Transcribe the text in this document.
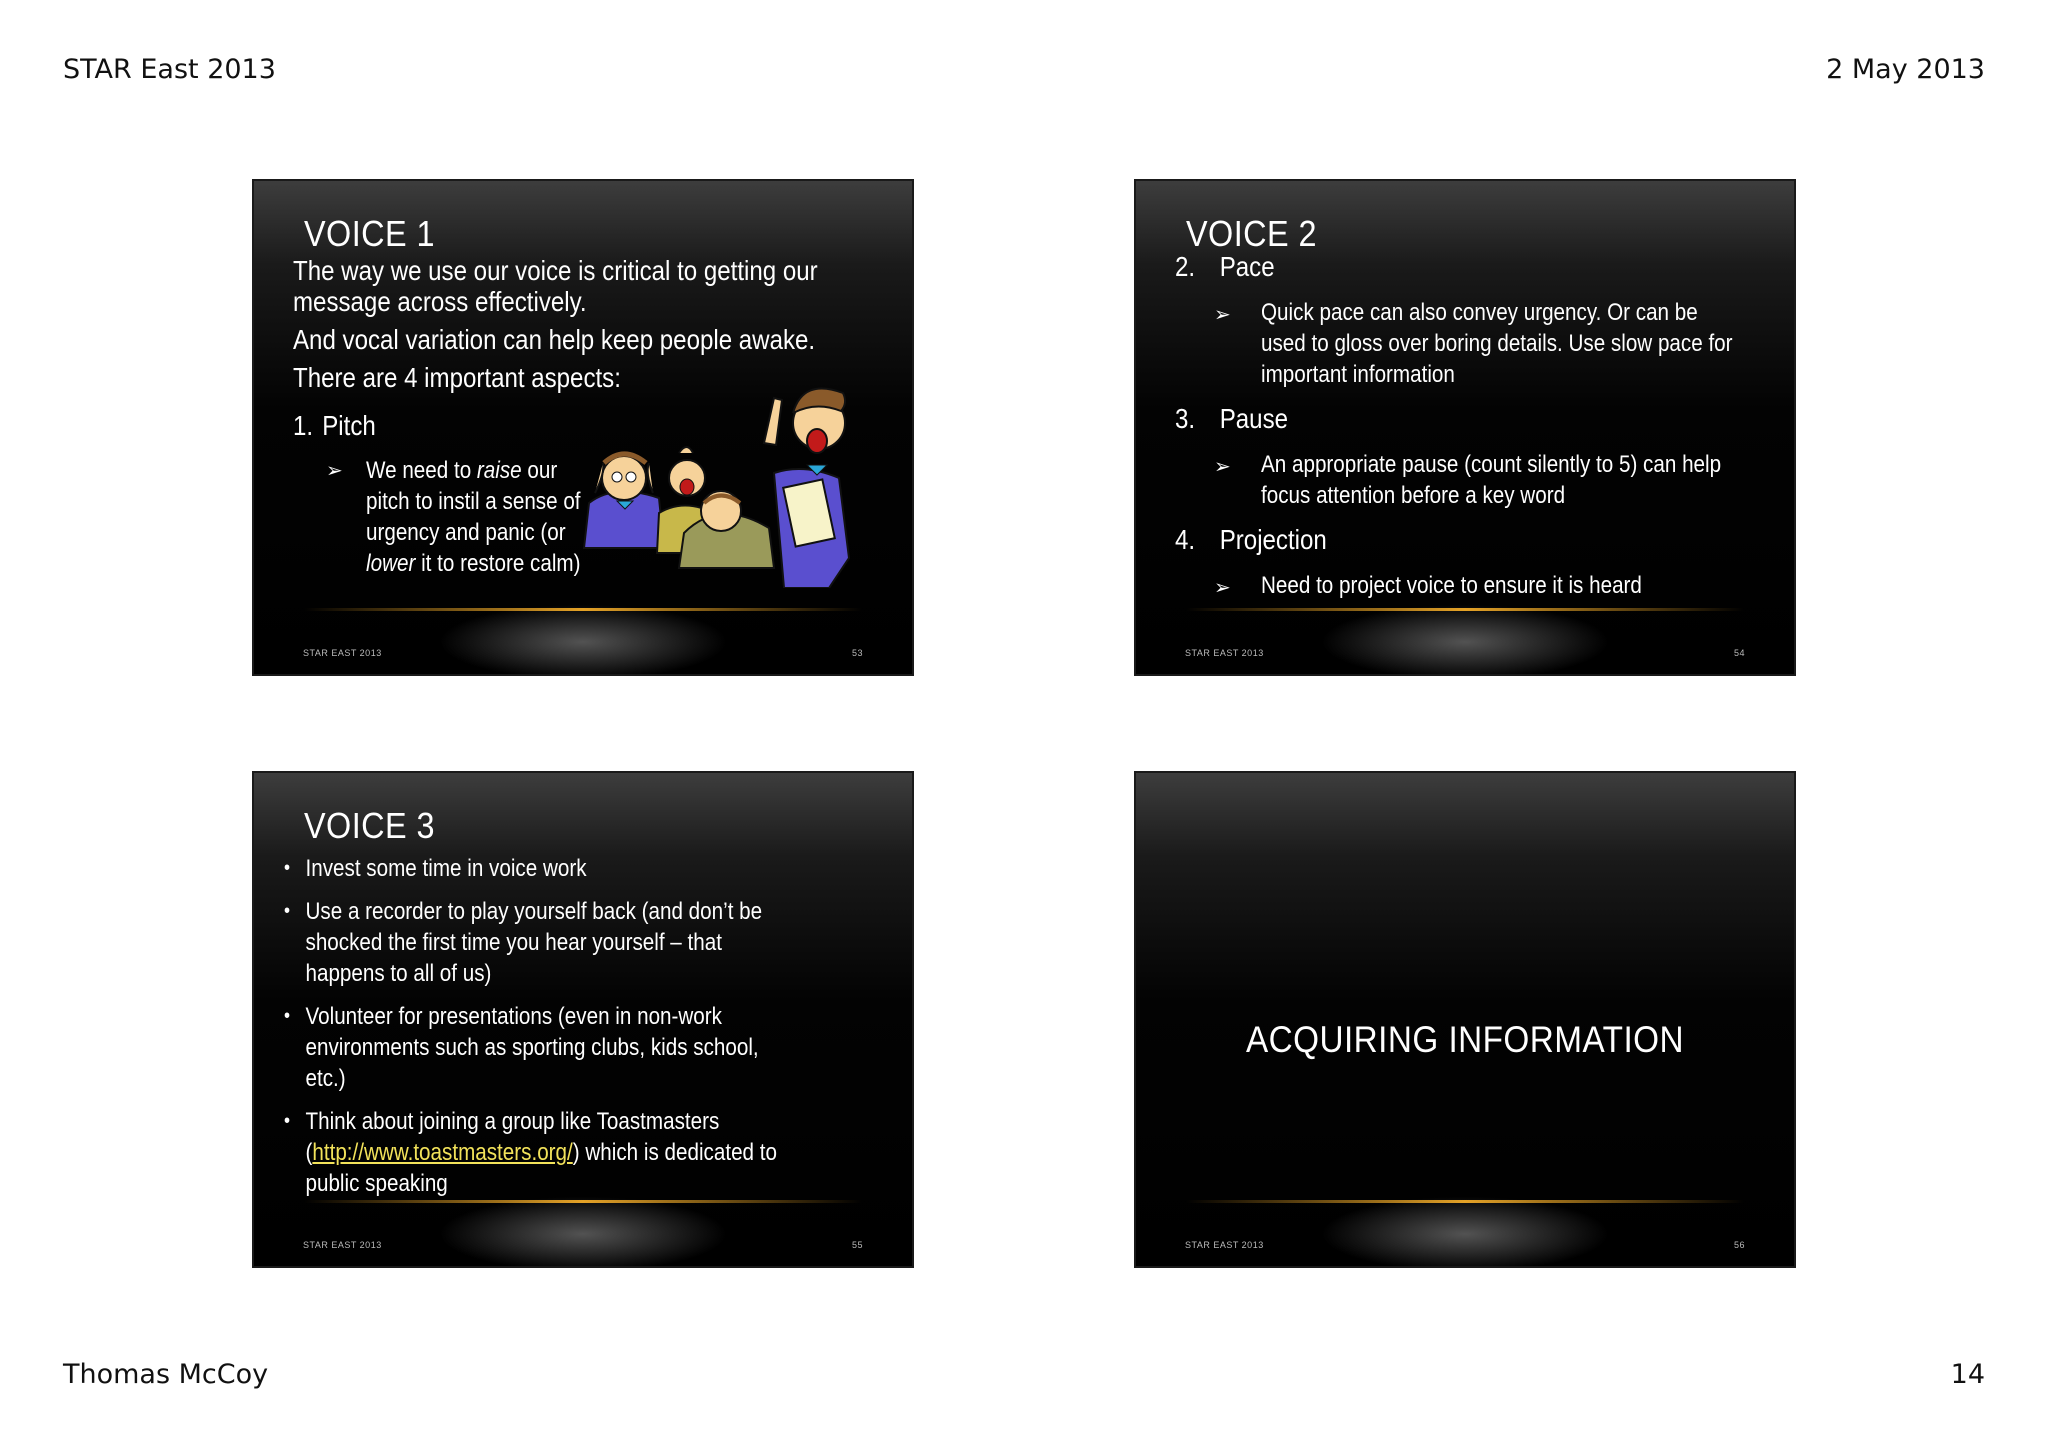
STAR East 2013	2 May 2013
VOICE 1

The way we use our voice is critical to getting our message across effectively.

And vocal variation can help keep people awake.

There are 4 important aspects:

1. Pitch
➢ We need to raise our pitch to instil a sense of urgency and panic (or lower it to restore calm)
STAR EAST 2013	53
VOICE 2
2. Pace
➢ Quick pace can also convey urgency. Or can be used to gloss over boring details. Use slow pace for important information
3. Pause
➢ An appropriate pause (count silently to 5) can help focus attention before a key word
4. Projection
➢ Need to project voice to ensure it is heard
STAR EAST 2013	54
VOICE 3
• Invest some time in voice work
• Use a recorder to play yourself back (and don’t be shocked the first time you hear yourself – that happens to all of us)
• Volunteer for presentations (even in non-work environments such as sporting clubs, kids school, etc.)
• Think about joining a group like Toastmasters (http://www.toastmasters.org/) which is dedicated to public speaking
STAR EAST 2013	55
ACQUIRING INFORMATION
STAR EAST 2013	56
Thomas McCoy	14
